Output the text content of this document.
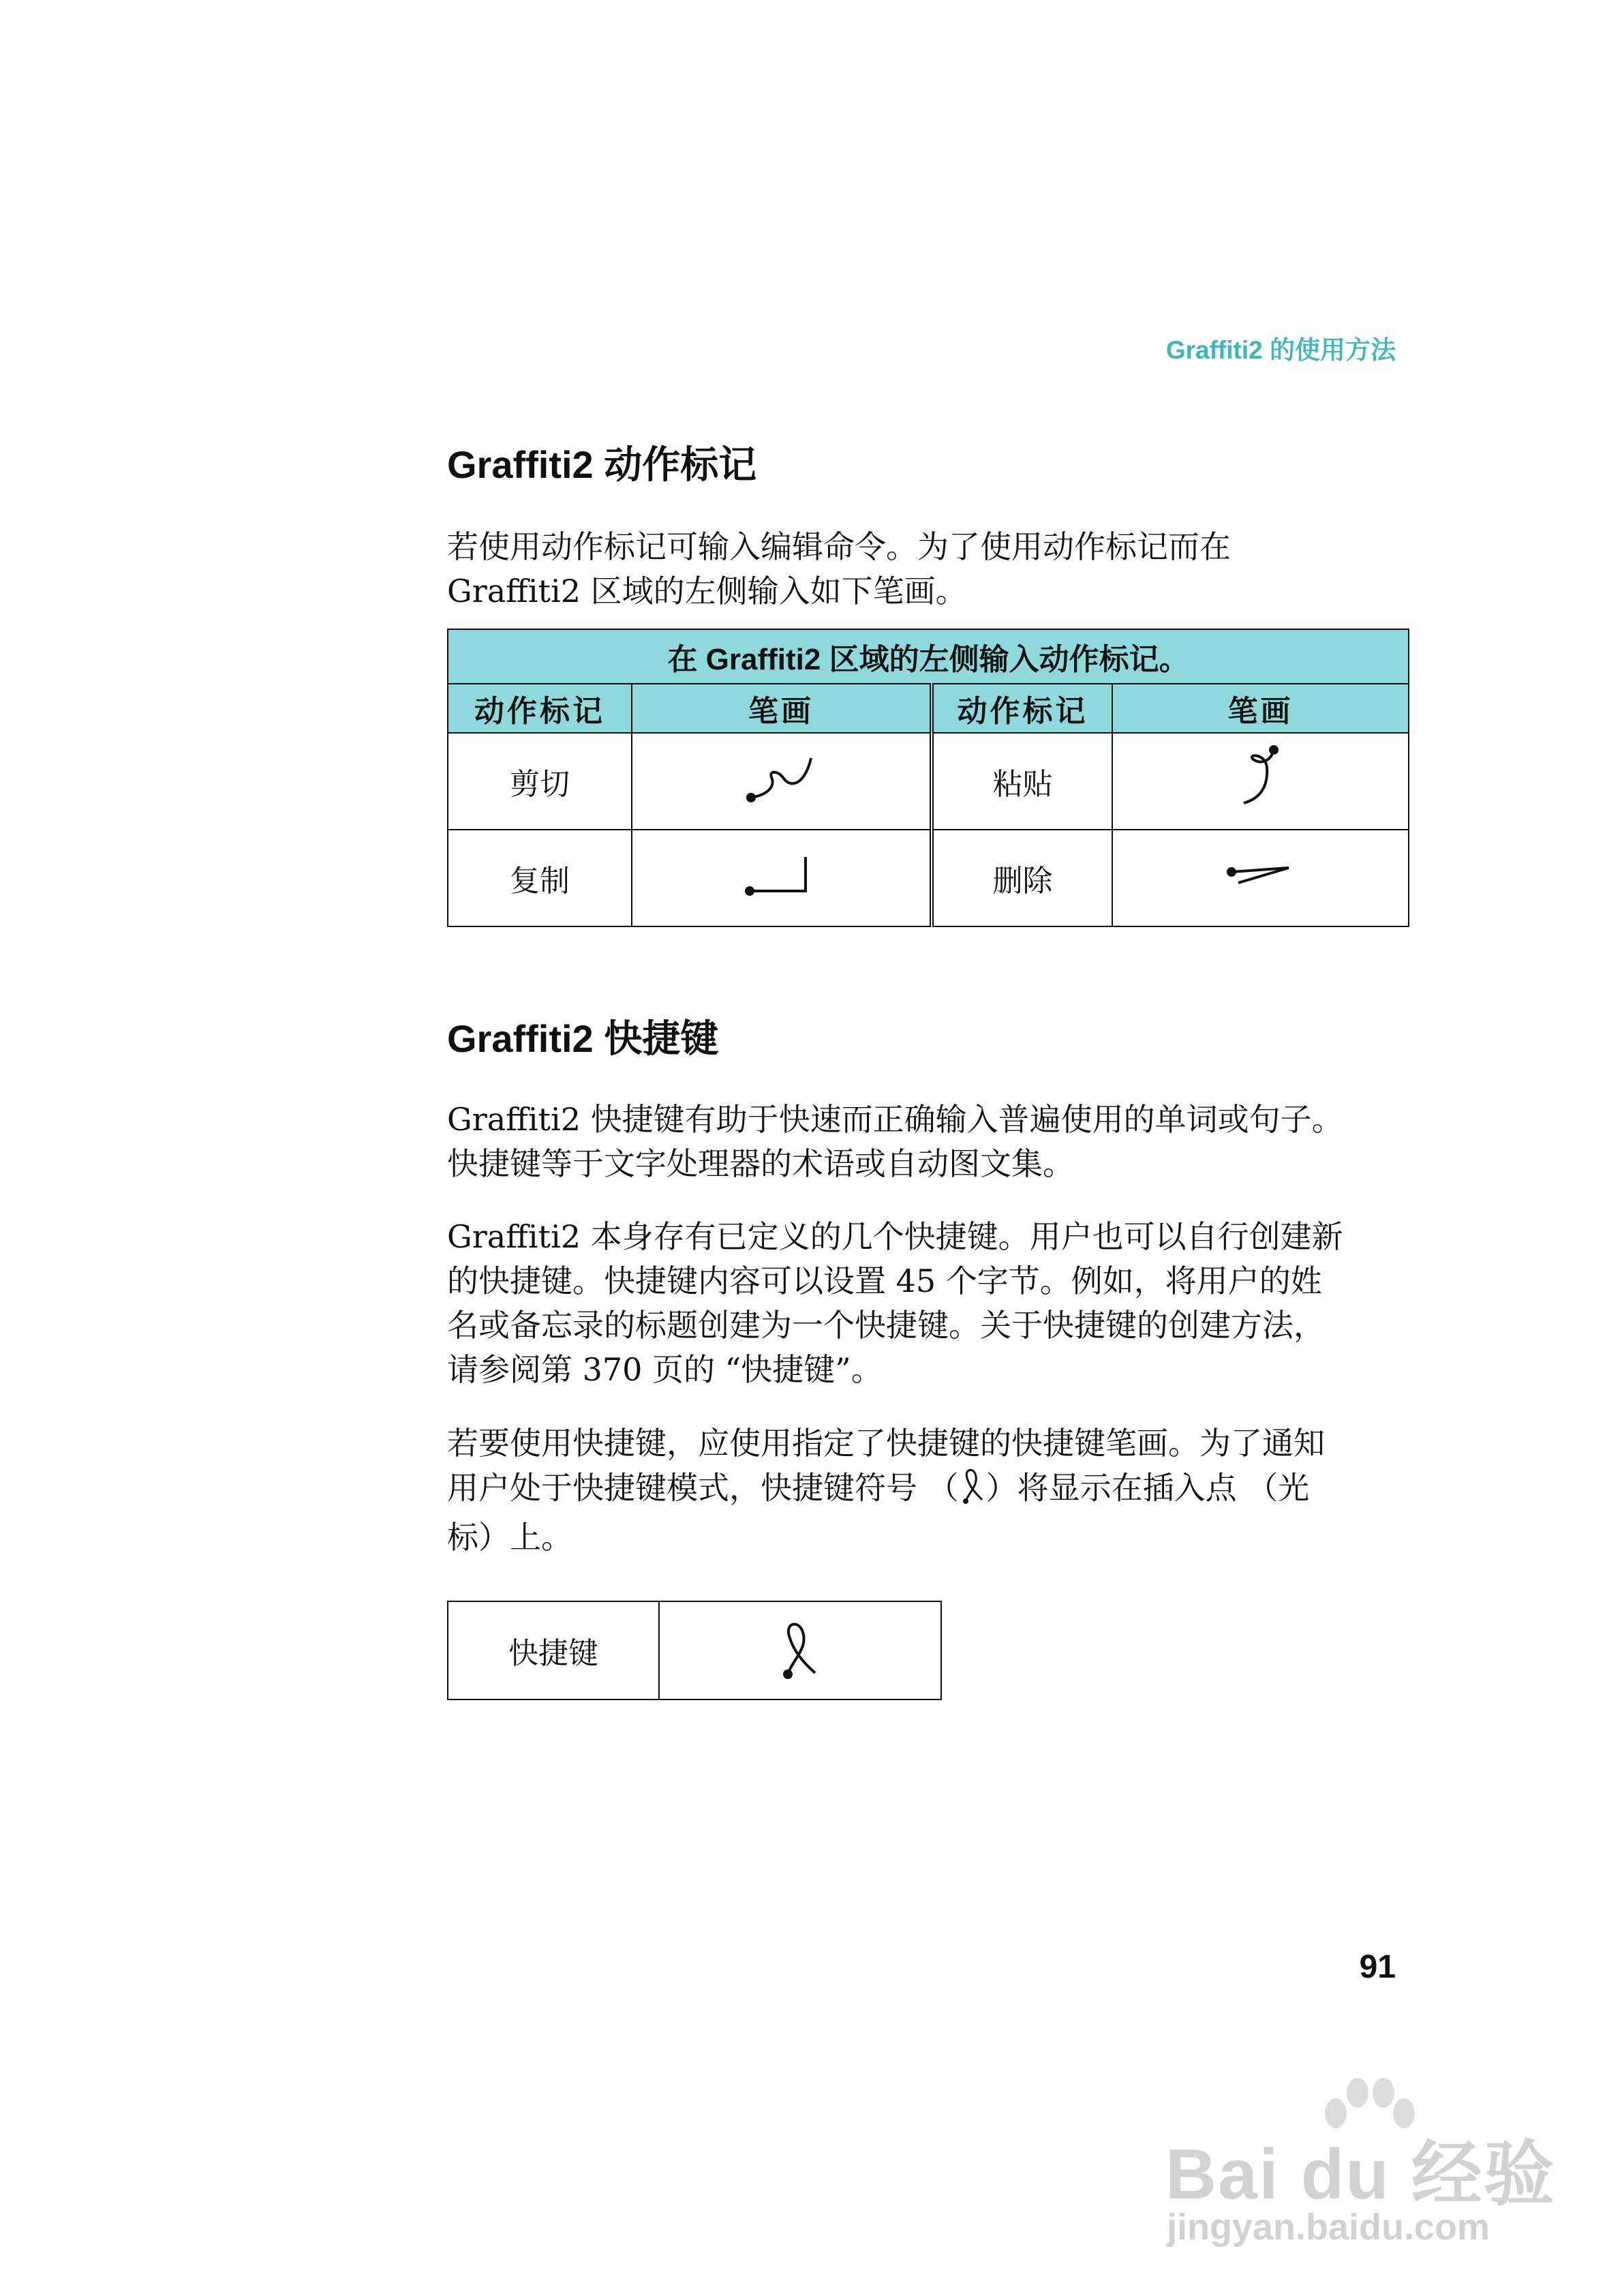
Graffiti2 的使用方法
Graffiti2 动作标记

若使用动作标记可输入编辑命令。为了使用动作标记而在

Graffiti2 区域的左侧输入如下笔画。

在 Graffiti2 区域的左侧输入动作标记。			
动作标记	笔画	动作标记	笔画
剪切		粘贴	
复制		删除	
Graffiti2 快捷键

Graffiti2 快捷键有助于快速而正确输入普遍使用的单词或句子。

快捷键等于文字处理器的术语或自动图文集。

Graffiti2 本身存有已定义的几个快捷键。用户也可以自行创建新

的快捷键。快捷键内容可以设置 45 个字节。例如，将用户的姓

名或备忘录的标题创建为一个快捷键。关于快捷键的创建方法，

请参阅第 370 页的 “快捷键”。

若要使用快捷键，应使用指定了快捷键的快捷键笔画。为了通知

用户处于快捷键模式，快捷键符号 （ ）将显示在插入点 （光

标）上。

快捷键	
91
Bai du 经验
jingyan.baidu.com
